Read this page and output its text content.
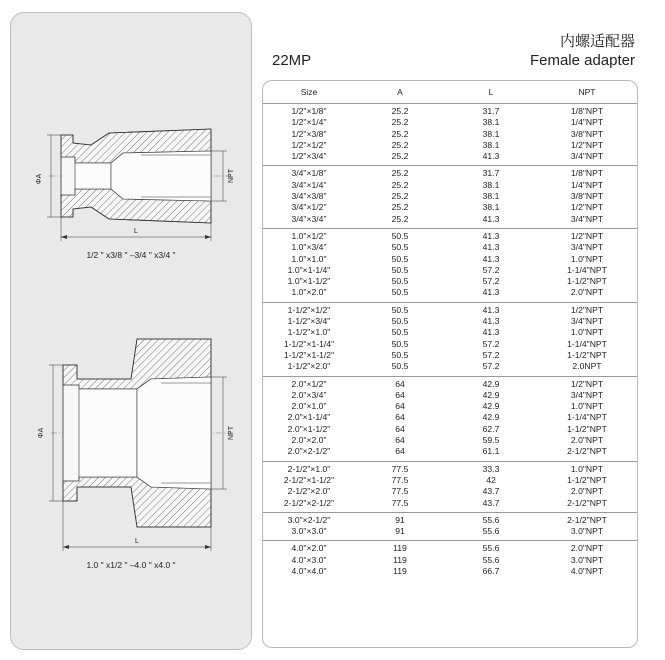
ΦA	NPT
L
ΦA	NPT
L
1/2 " x3/8 " –3/4 " x3/4 "
1.0 " x1/2 " –4.0 " x4.0 "
内螺适配器
22MP	Female adapter
Size	A	L	NPT
1/2"×1/8"	25.2	31.7	1/8"NPT
1/2"×1/4"	25.2	38.1	1/4"NPT
1/2"×3/8"	25.2	38.1	3/8"NPT
1/2"×1/2"	25.2	38.1	1/2"NPT
1/2"×3/4"	25.2	41.3	3/4"NPT
3/4"×1/8"	25.2	31.7	1/8"NPT
3/4"×1/4"	25.2	38.1	1/4"NPT
3/4"×3/8"	25.2	38.1	3/8"NPT
3/4"×1/2"	25.2	38.1	1/2"NPT
3/4"×3/4"	25.2	41.3	3/4"NPT
1.0"×1/2"	50.5	41.3	1/2"NPT
1.0"×3/4"	50.5	41.3	3/4"NPT
1.0"×1.0"	50.5	41.3	1.0"NPT
1.0"×1-1/4"	50.5	57.2	1-1/4"NPT
1.0"×1-1/2"	50.5	57.2	1-1/2"NPT
1.0"×2.0"	50.5	41.3	2.0"NPT
1-1/2"×1/2"	50.5	41.3	1/2"NPT
1-1/2"×3/4"	50.5	41.3	3/4"NPT
1-1/2"×1.0"	50.5	41.3	1.0"NPT
1-1/2"×1-1/4"	50.5	57.2	1-1/4"NPT
1-1/2"×1-1/2"	50.5	57.2	1-1/2"NPT
1-1/2"×2.0"	50.5	57.2	2.0NPT
2.0"×1/2"	64	42.9	1/2"NPT
2.0"×3/4"	64	42.9	3/4"NPT
2.0"×1.0"	64	42.9	1.0"NPT
2.0"×1-1/4"	64	42.9	1-1/4"NPT
2.0"×1-1/2"	64	62.7	1-1/2"NPT
2.0"×2.0"	64	59.5	2.0"NPT
2.0"×2-1/2"	64	61.1	2-1/2"NPT
2-1/2"×1.0"	77.5	33.3	1.0"NPT
2-1/2"×1-1/2"	77.5	42	1-1/2"NPT
2-1/2"×2.0"	77.5	43.7	2.0"NPT
2-1/2"×2-1/2"	77.5	43.7	2-1/2"NPT
3.0"×2-1/2"	91	55.6	2-1/2"NPT
3.0"×3.0"	91	55.6	3.0"NPT
4.0"×2.0"	119	55.6	2.0"NPT
4.0"×3.0"	119	55.6	3.0"NPT
4.0"×4.0"	119	66.7	4.0"NPT
